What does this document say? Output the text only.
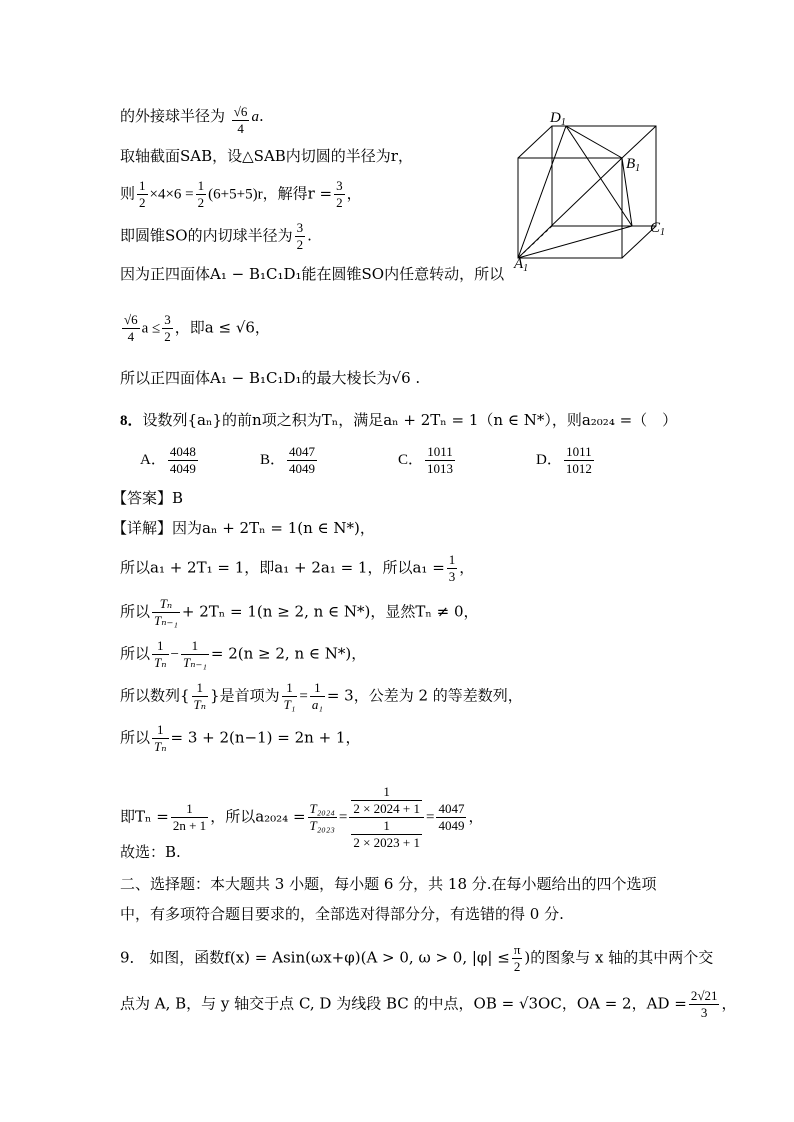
$D_1$
$B_1$
$C_1$
$A_1$
的外接球半径为 $\frac{√6}{4} a$.
取轴截面SAB，设△SAB内切圆的半径为r，
则 $\frac{1}{2} \times 4\times 6 = \frac{1}{2} (6+5+5)r$，解得$r = \frac{3}{2}$ ，
即圆锥SO的内切球半径为 $\frac{3}{2}$ .
因为正四面体A₁ − B₁C₁D₁能在圆锥SO内任意转动，所以
$\frac{√6}{4}$ $a \le \frac{3}{2}$ ，即a ≤ √6，
所以正四面体A₁ − B₁C₁D₁的最大棱长为√6 .
8．设数列{aₙ}的前n项之积为Tₙ，满足aₙ + 2Tₙ = 1（n ∈ N*），则a₂₀₂₄ =（　）
A． $\frac{4048}{4049}$	B． $\frac{4047}{4049}$	C． $\frac{1011}{1013}$	D． $\frac{1011}{1012}$
【答案】B
【详解】因为aₙ + 2Tₙ = 1(n ∈ N*)，
所以a₁ + 2T₁ = 1，即a₁ + 2a₁ = 1，所以$a_1 = \frac{1}{3}$ ，
所以 $\frac{\text{Tₙ}}{\text{Tₙ₋₁}} + 2T_n = 1(n \ge 2$, n ∈ N*)，显然Tₙ ≠ 0，
所以 $\frac{1}{\text{Tₙ}} - \frac{1}{\text{Tₙ₋₁}} = 2(n \ge 2$, n ∈ N*)，
所以数列{ $\frac{1}{\text{Tₙ}}$ }是首项为 $\frac{1}{\text{T₁}} = \frac{1}{\text{a₁}} = 3$，公差为 2 的等差数列，
所以 $\frac{1}{\text{Tₙ}} = 3 + 2(n-1) = 2n + 1$，
即$T_n = \frac{1}{2n + 1}$ ，所以$a_{2024} = \frac{\text{T₂₀₂₄}}{\text{T₂₀₂₃}} = \frac{\frac{1}{2 \times 2024 + 1}}{\frac{1}{2 \times 2023 + 1}} = \frac{4047}{4049}$ ，
故选：B.
二、选择题：本大题共 3 小题，每小题 6 分，共 18 分.在每小题给出的四个选项
中，有多项符合题目要求的，全部选对得部分分，有选错的得 0 分.
9． 如图，函数f(x) = Asin(ωx+φ)(A > 0, ω > 0, $|\varphi| \le \frac{\pi}{2}$ )的图象与 x 轴的其中两个交
点为 A, B，与 y 轴交于点 C, D 为线段 BC 的中点，OB = √3OC，OA = 2，AD = $\frac{2√21}{3}$ ，
